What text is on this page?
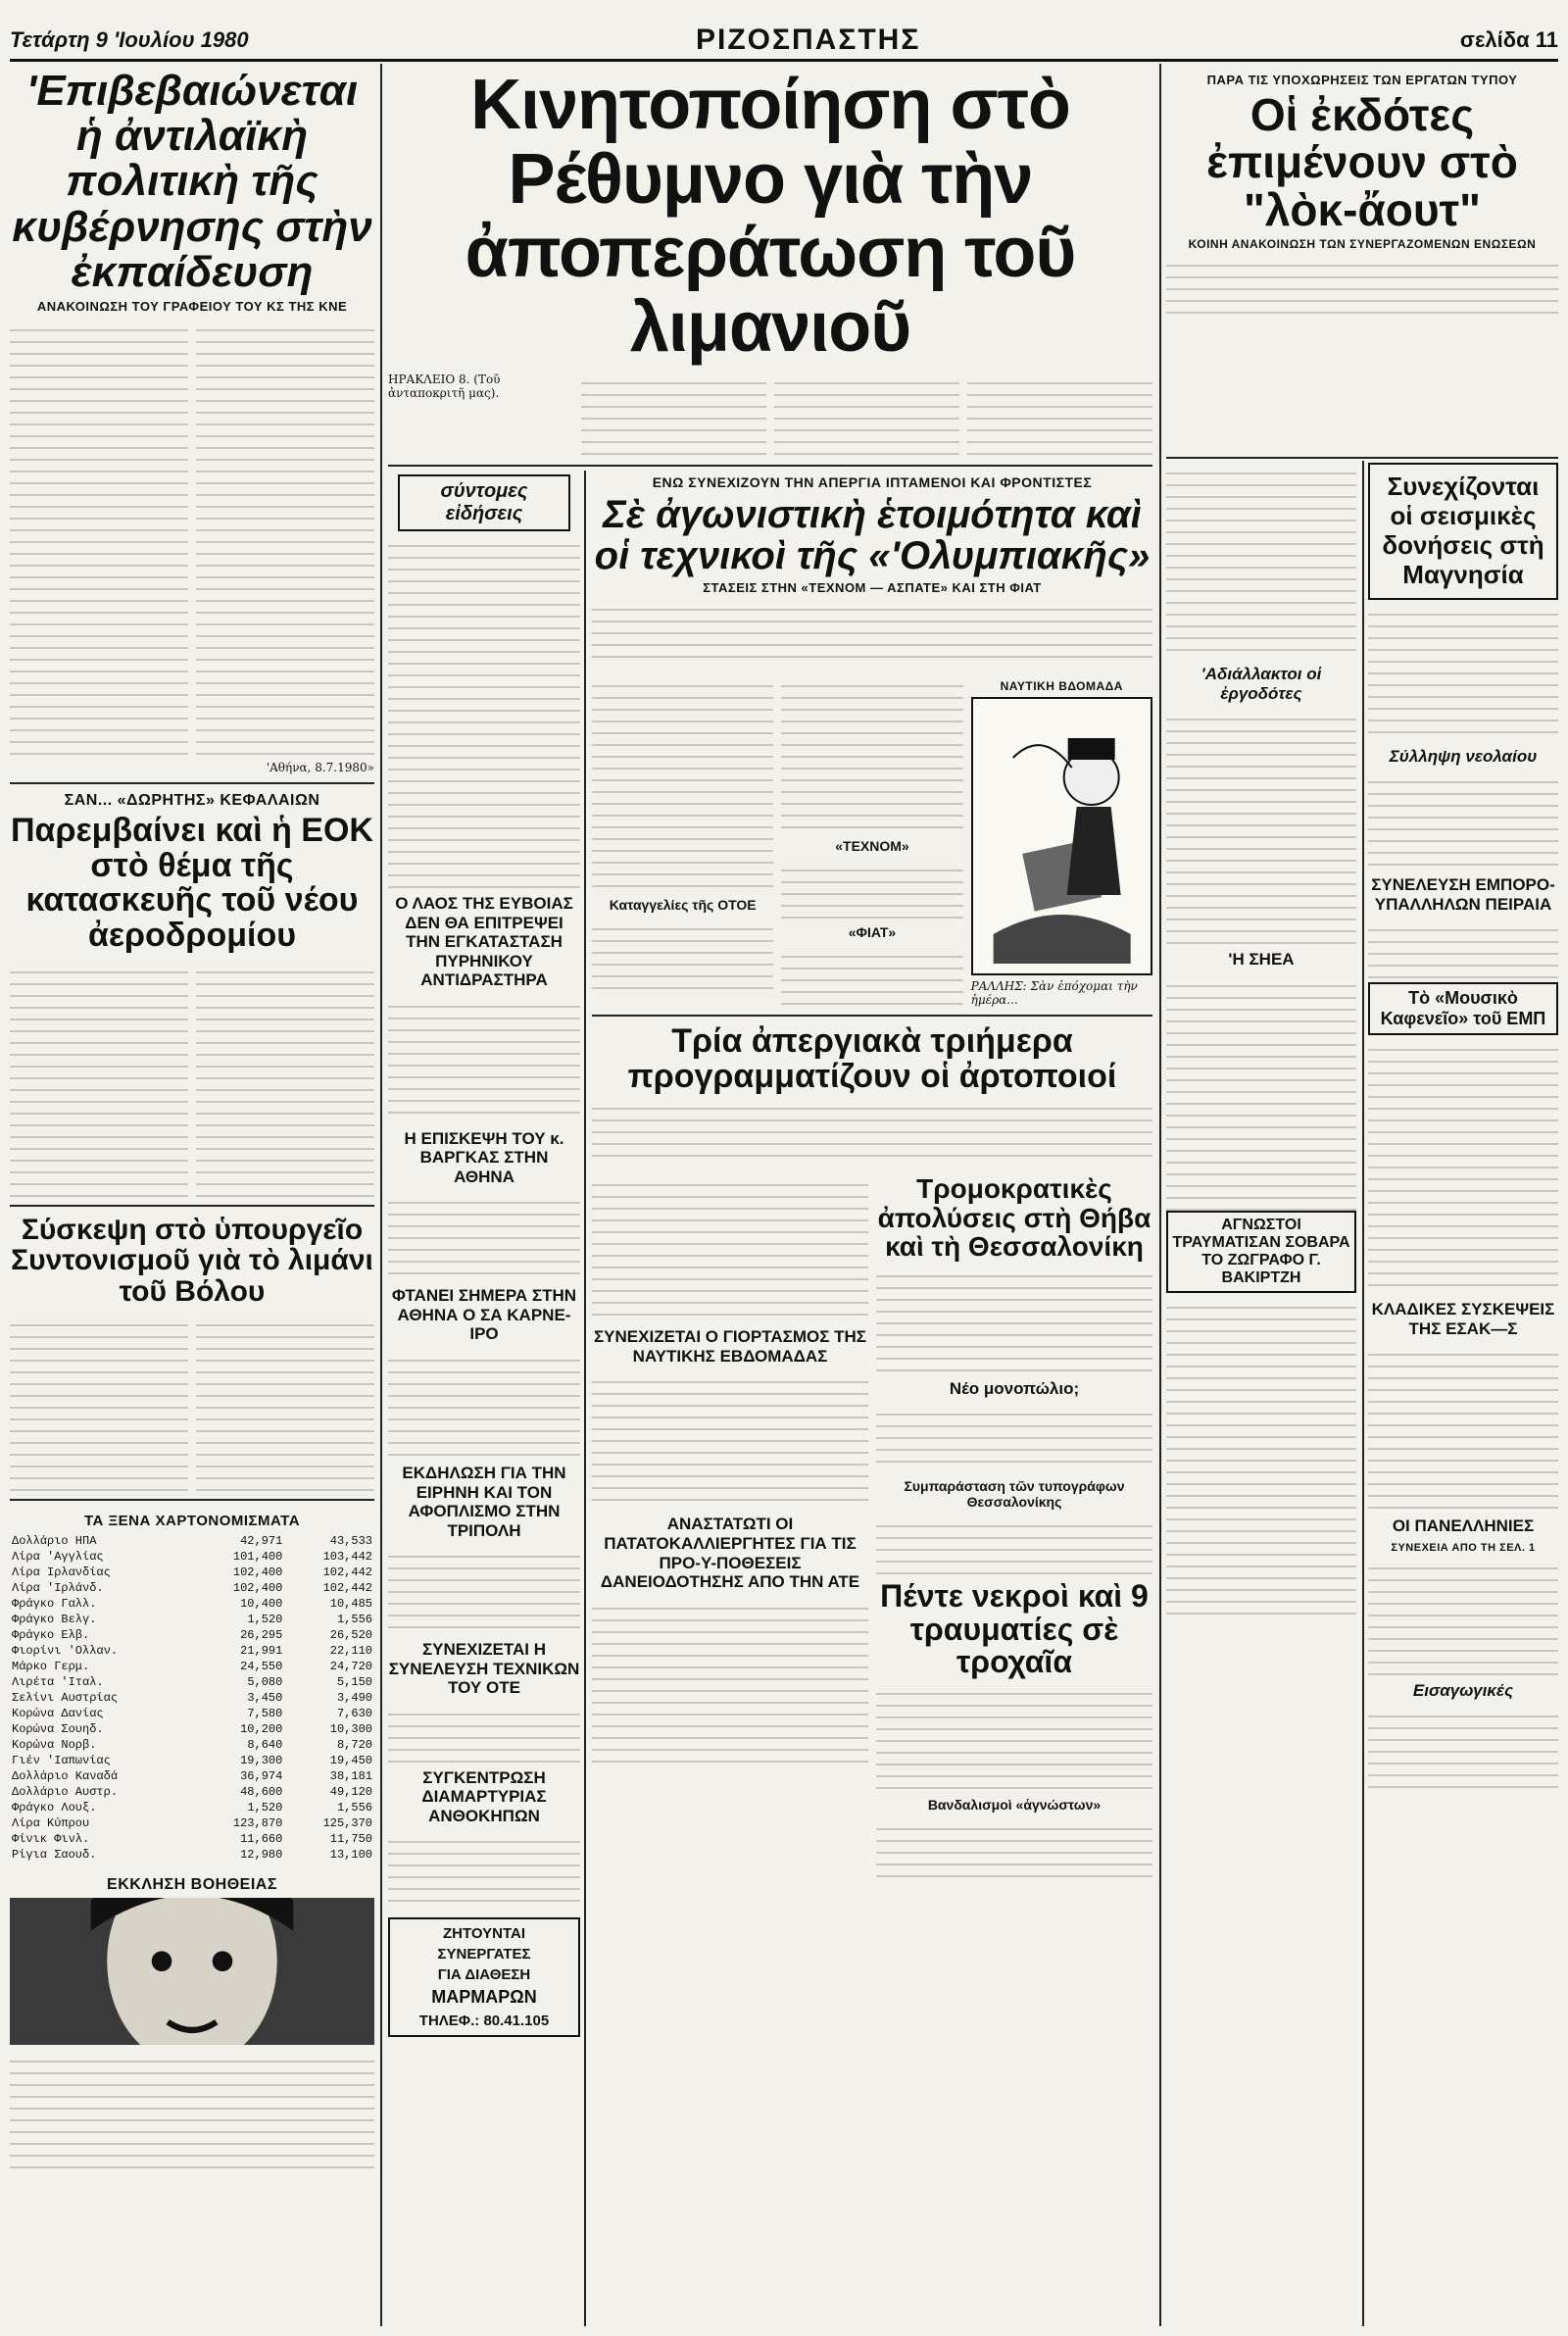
Τετάρτη 9 'Ιουλίου 1980	ΡΙΖΟΣΠΑΣΤΗΣ	σελίδα 11
'Επιβεβαιώνεται ἡ ἀντιλαϊκὴ πολιτικὴ τῆς κυβέρνησης στὴν ἐκπαίδευση
ΑΝΑΚΟΙΝΩΣΗ ΤΟΥ ΓΡΑΦΕΙΟΥ ΤΟΥ ΚΣ ΤΗΣ ΚΝΕ
'Αθήνα, 8.7.1980»
ΣΑΝ... «ΔΩΡΗΤΗΣ» ΚΕΦΑΛΑΙΩΝ
Παρεμβαίνει καὶ ἡ ΕΟΚ στὸ θέμα τῆς κατασκευῆς τοῦ νέου ἀεροδρομίου
Σύσκεψη στὸ ὑπουργεῖο Συντονισμοῦ γιὰ τὸ λιμάνι τοῦ Βόλου
ΤΑ ΞΕΝΑ ΧΑΡΤΟΝΟΜΙΣΜΑΤΑ
Δολλάριο ΗΠΑ	42,971	43,533
Λίρα 'Αγγλίας	101,400	103,442
Λίρα Ιρλανδίας	102,400	102,442
Λίρα 'Ιρλάνδ.	102,400	102,442
Φράγκο Γαλλ.	10,400	10,485
Φράγκο Βελγ.	1,520	1,556
Φράγκο Ελβ.	26,295	26,520
Φιορίνι 'Ολλαν.	21,991	22,110
Μάρκο Γερμ.	24,550	24,720
Λιρέτα 'Ιταλ.	5,080	5,150
Σελίνι Αυστρίας	3,450	3,490
Κορώνα Δανίας	7,580	7,630
Κορώνα Σουηδ.	10,200	10,300
Κορώνα Νορβ.	8,640	8,720
Γιέν 'Ιαπωνίας	19,300	19,450
Δολλάριο Καναδά	36,974	38,181
Δολλάριο Αυστρ.	48,600	49,120
Φράγκο Λουξ.	1,520	1,556
Λίρα Κύπρου	123,870	125,370
Φίνικ Φινλ.	11,660	11,750
Ρίγια Σαουδ.	12,980	13,100
ΕΚΚΛΗΣΗ ΒΟΗΘΕΙΑΣ
Κινητοποίηση στὸ Ρέθυμνο γιὰ τὴν ἀποπεράτωση τοῦ λιμανιοῦ
ΗΡΑΚΛΕΙΟ 8. (Τοῦ ἀνταποκριτῆ μας).
σύντομες εἰδήσεις
Ο ΛΑΟΣ ΤΗΣ ΕΥΒΟΙΑΣ ΔΕΝ ΘΑ ΕΠΙΤΡΕΨΕΙ ΤΗΝ ΕΓΚΑΤΑΣΤΑΣΗ ΠΥΡΗΝΙΚΟΥ ΑΝΤΙΔΡΑΣΤΗΡΑ
Η ΕΠΙΣΚΕΨΗ ΤΟΥ κ. ΒΑΡΓΚΑΣ ΣΤΗΝ ΑΘΗΝΑ
ΦΤΑΝΕΙ ΣΗΜΕΡΑ ΣΤΗΝ ΑΘΗΝΑ Ο ΣΑ ΚΑΡΝΕ-ΙΡΟ
ΕΚΔΗΛΩΣΗ ΓΙΑ ΤΗΝ ΕΙΡΗΝΗ ΚΑΙ ΤΟΝ ΑΦΟΠΛΙΣΜΟ ΣΤΗΝ ΤΡΙΠΟΛΗ
ΣΥΝΕΧΙΖΕΤΑΙ Η ΣΥΝΕΛΕΥΣΗ ΤΕΧΝΙΚΩΝ ΤΟΥ ΟΤΕ
ΣΥΓΚΕΝΤΡΩΣΗ ΔΙΑΜΑΡΤΥΡΙΑΣ ΑΝΘΟΚΗΠΩΝ
ΖΗΤΟΥΝΤΑΙ
ΣΥΝΕΡΓΑΤΕΣ
ΓΙΑ ΔΙΑΘΕΣΗ
ΜΑΡΜΑΡΩΝ
ΤΗΛΕΦ.: 80.41.105
ΕΝΩ ΣΥΝΕΧΙΖΟΥΝ ΤΗΝ ΑΠΕΡΓΙΑ ΙΠΤΑΜΕΝΟΙ ΚΑΙ ΦΡΟΝΤΙΣΤΕΣ
Σὲ ἀγωνιστικὴ ἑτοιμότητα καὶ οἱ τεχνικοὶ τῆς «'Ολυμπιακῆς»
ΣΤΑΣΕΙΣ ΣΤΗΝ «ΤΕΧΝΟΜ — ΑΣΠΑΤΕ» ΚΑΙ ΣΤΗ ΦΙΑΤ
Καταγγελίες τῆς ΟΤΟΕ
«ΤΕΧΝΟΜ»
«ΦΙΑΤ»
ΝΑΥΤΙΚΗ ΒΔΟΜΑΔΑ
ΡΑΛΛΗΣ: Σὰν ἐπόχομαι τὴν ἡμέρα...
Τρία ἀπεργιακὰ τριήμερα προγραμματίζουν οἱ ἀρτοποιοί
ΣΥΝΕΧΙΖΕΤΑΙ Ο ΓΙΟΡΤΑΣΜΟΣ ΤΗΣ ΝΑΥΤΙΚΗΣ ΕΒΔΟΜΑΔΑΣ
ΑΝΑΣΤΑΤΩΤΙ ΟΙ ΠΑΤΑΤΟΚΑΛΛΙΕΡΓΗΤΕΣ ΓΙΑ ΤΙΣ ΠΡΟ-Υ-ΠΟΘΕΣΕΙΣ ΔΑΝΕΙΟΔΟΤΗΣΗΣ ΑΠΟ ΤΗΝ ΑΤΕ
Τρομοκρατικὲς ἀπολύσεις στὴ Θήβα καὶ τὴ Θεσσαλονίκη
Νέο μονοπώλιο;
Συμπαράσταση τῶν τυπογράφων Θεσσαλονίκης
Πέντε νεκροὶ καὶ 9 τραυματίες σὲ τροχαῖα
Βανδαλισμοὶ «ἀγνώστων»
ΠΑΡΑ ΤΙΣ ΥΠΟΧΩΡΗΣΕΙΣ ΤΩΝ ΕΡΓΑΤΩΝ ΤΥΠΟΥ
Οἱ ἐκδότες ἐπιμένουν στὸ "λὸκ-ἄουτ"
ΚΟΙΝΗ ΑΝΑΚΟΙΝΩΣΗ ΤΩΝ ΣΥΝΕΡΓΑΖΟΜΕΝΩΝ ΕΝΩΣΕΩΝ
'Αδιάλλακτοι οἱ ἐργοδότες
'Η ΣΗΕΑ
ΑΓΝΩΣΤΟΙ ΤΡΑΥΜΑΤΙΣΑΝ ΣΟΒΑΡΑ ΤΟ ΖΩΓΡΑΦΟ Γ. ΒΑΚΙΡΤΖΗ
Συνεχίζονται οἱ σεισμικὲς δονήσεις στὴ Μαγνησία
Σύλληψη νεολαίου
ΣΥΝΕΛΕΥΣΗ ΕΜΠΟΡΟ-ΥΠΑΛΛΗΛΩΝ ΠΕΙΡΑΙΑ
Τὸ «Μουσικὸ Καφενεῖο» τοῦ ΕΜΠ
ΚΛΑΔΙΚΕΣ ΣΥΣΚΕΨΕΙΣ ΤΗΣ ΕΣΑΚ—Σ
ΟΙ ΠΑΝΕΛΛΗΝΙΕΣ
ΣΥΝΕΧΕΙΑ ΑΠΟ ΤΗ ΣΕΛ. 1
Εισαγωγικές
